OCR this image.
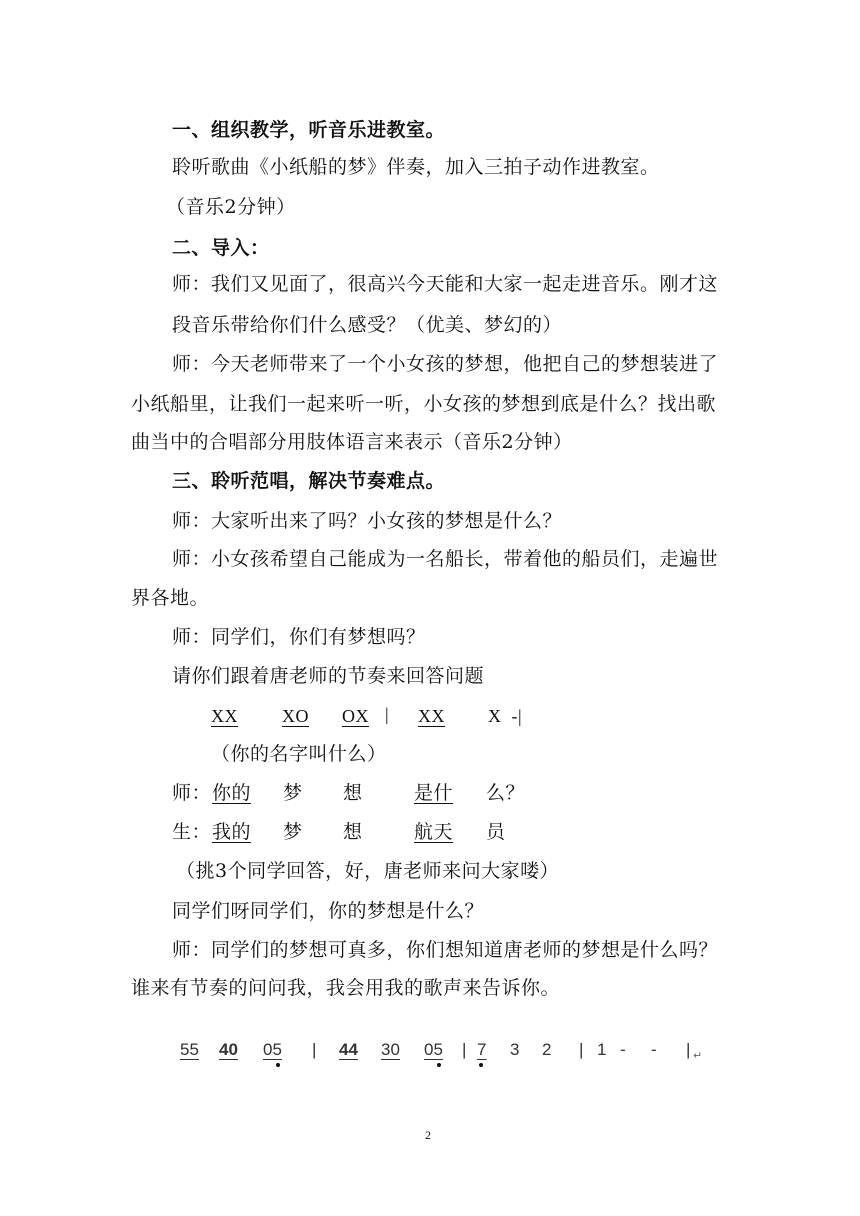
一、组织教学，听音乐进教室。
聆听歌曲《小纸船的梦》伴奏，加入三拍子动作进教室。
（音乐2分钟）
二、导入：
师：我们又见面了，很高兴今天能和大家一起走进音乐。刚才这
段音乐带给你们什么感受？（优美、梦幻的）
师：今天老师带来了一个小女孩的梦想，他把自己的梦想装进了
小纸船里，让我们一起来听一听，小女孩的梦想到底是什么？找出歌
曲当中的合唱部分用肢体语言来表示（音乐2分钟）
三、聆听范唱，解决节奏难点。
师：大家听出来了吗？小女孩的梦想是什么？
师：小女孩希望自己能成为一名船长，带着他的船员们，走遍世
界各地。
师：同学们，你们有梦想吗？
请你们跟着唐老师的节奏来回答问题
XX XO OX | XX X  -|
（你的名字叫什么）
师： 你的 梦 想	是什 么？
生： 我的 梦 想	航天 员
（挑3个同学回答，好，唐老师来问大家喽）
同学们呀同学们，你的梦想是什么？
师：同学们的梦想可真多，你们想知道唐老师的梦想是什么吗？
谁来有节奏的问问我，我会用我的歌声来告诉你。
55 40 05 | 44 30 05 | 7 3 2 | 1 - - | ↵
2
